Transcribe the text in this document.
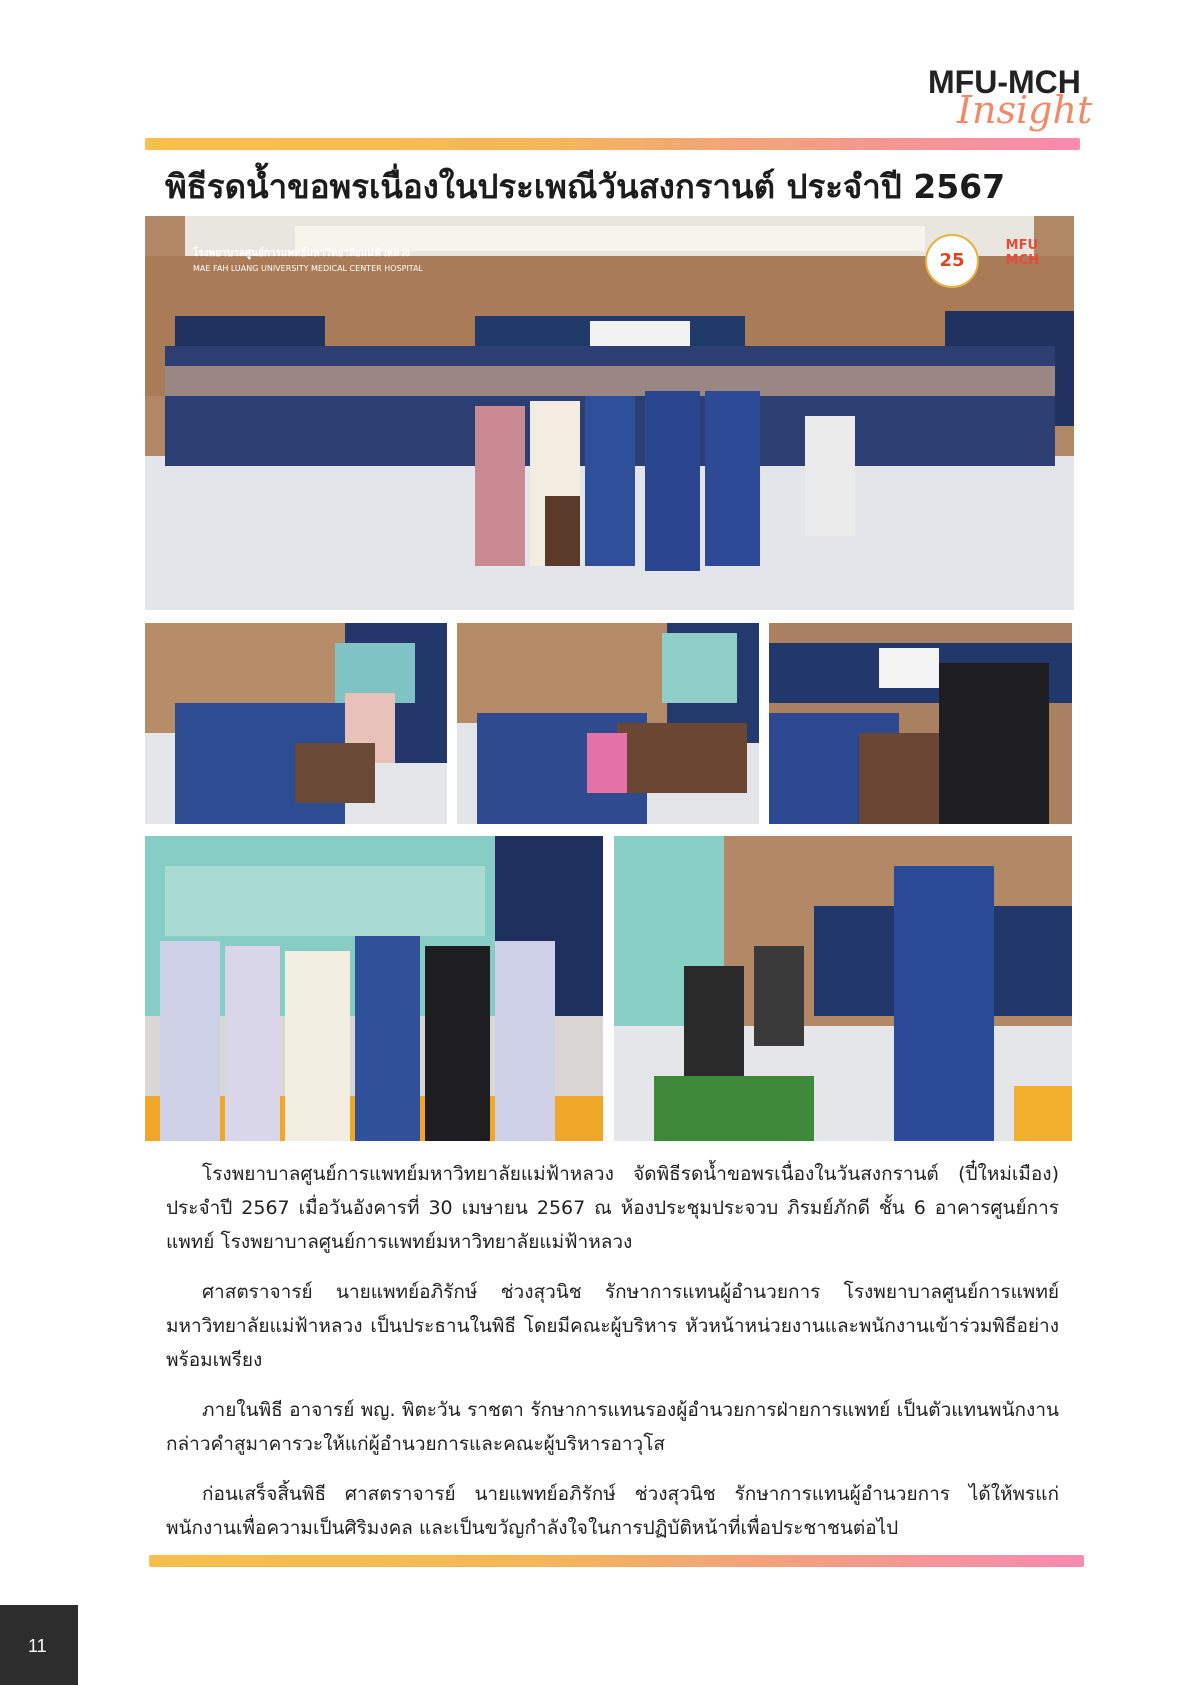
MFU-MCH
Insight
พิธีรดน้ำขอพรเนื่องในประเพณีวันสงกรานต์ ประจำปี 2567
โรงพยาบาลศูนย์การแพทย์มหาวิทยาลัยแม่ฟ้าหลวง
MAE FAH LUANG UNIVERSITY MEDICAL CENTER HOSPITAL	25
MFU
MCH

โรงพยาบาลศูนย์การแพทย์มหาวิทยาลัยแม่ฟ้าหลวง จัดพิธีรดน้ำขอพรเนื่องในวันสงกรานต์ (ปี๋ใหม่เมือง) ประจำปี 2567 เมื่อวันอังคารที่ 30 เมษายน 2567 ณ ห้องประชุมประจวบ ภิรมย์ภักดี ชั้น 6 อาคารศูนย์การแพทย์ โรงพยาบาลศูนย์การแพทย์มหาวิทยาลัยแม่ฟ้าหลวง

ศาสตราจารย์ นายแพทย์อภิรักษ์ ช่วงสุวนิช รักษาการแทนผู้อำนวยการ โรงพยาบาลศูนย์การแพทย์มหาวิทยาลัยแม่ฟ้าหลวง เป็นประธานในพิธี โดยมีคณะผู้บริหาร หัวหน้าหน่วยงานและพนักงานเข้าร่วมพิธีอย่างพร้อมเพรียง

ภายในพิธี อาจารย์ พญ. พิตะวัน ราชตา รักษาการแทนรองผู้อำนวยการฝ่ายการแพทย์ เป็นตัวแทนพนักงาน กล่าวคำสูมาคารวะให้แก่ผู้อำนวยการและคณะผู้บริหารอาวุโส

ก่อนเสร็จสิ้นพิธี ศาสตราจารย์ นายแพทย์อภิรักษ์ ช่วงสุวนิช รักษาการแทนผู้อำนวยการ ได้ให้พรแก่พนักงานเพื่อความเป็นศิริมงคล และเป็นขวัญกำลังใจในการปฏิบัติหน้าที่เพื่อประชาชนต่อไป

11
